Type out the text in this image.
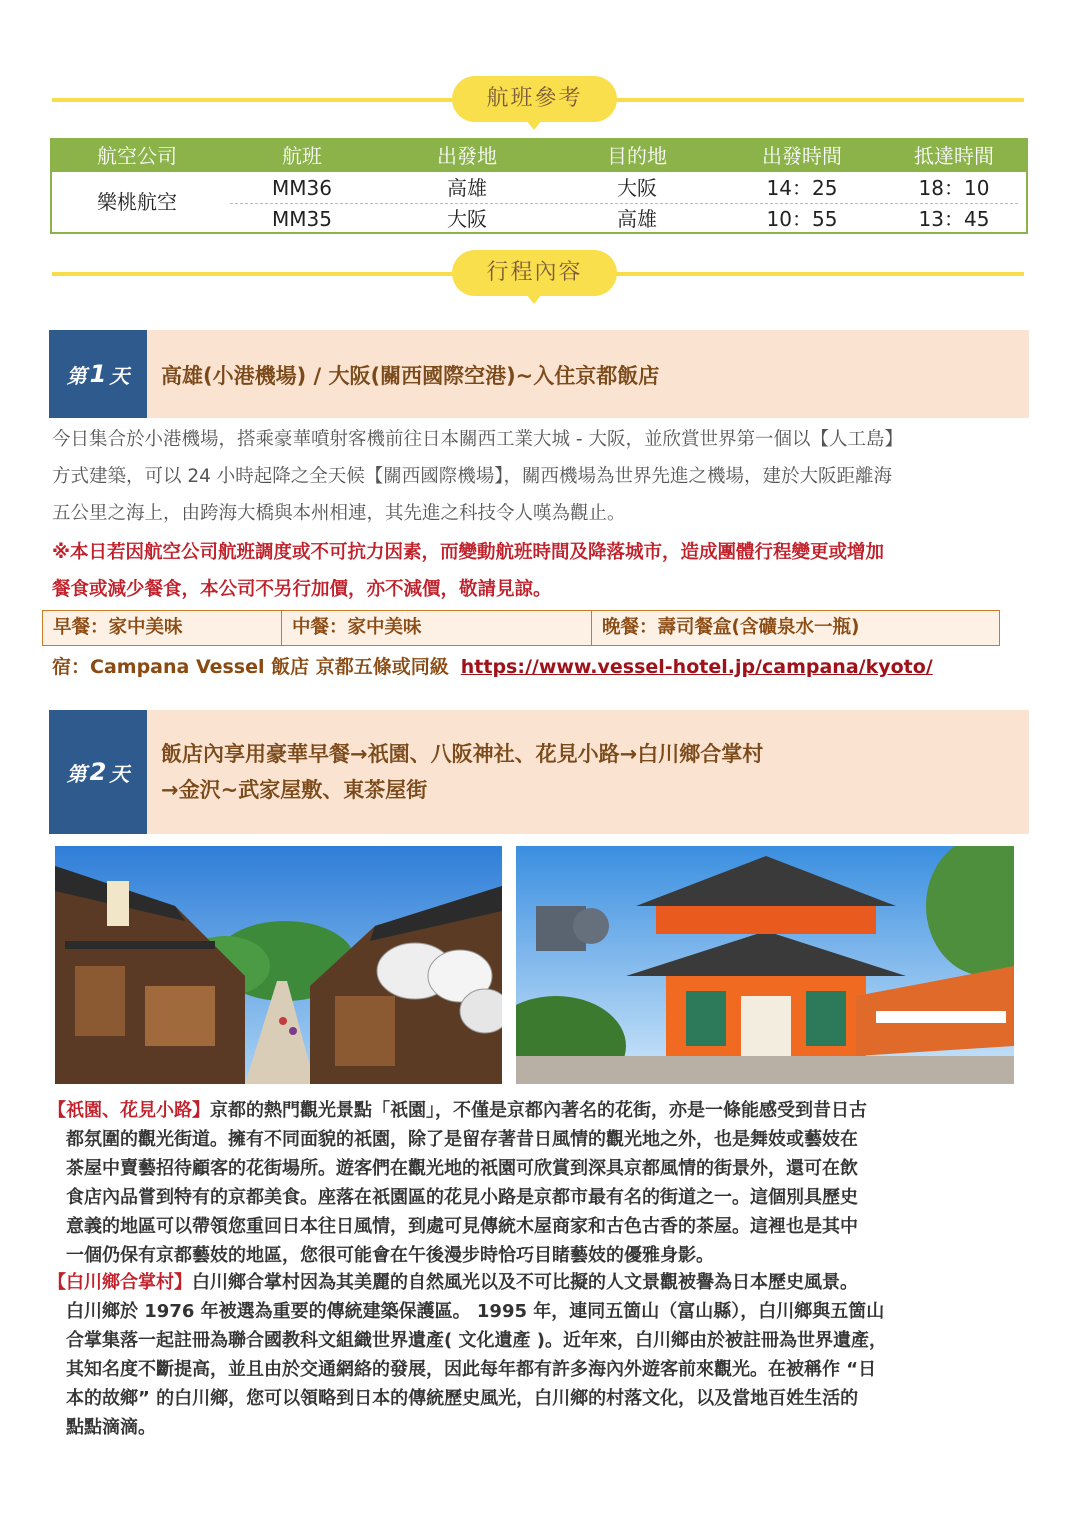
航班參考
航空公司	航班	出發地	目的地	出發時間	抵達時間
樂桃航空
MM36	高雄	大阪	14：25	18：10
MM35	大阪	高雄	10：55	13：45
行程內容
第 1 天 高雄(小港機場) / 大阪(關西國際空港)~入住京都飯店
今日集合於小港機場，搭乘豪華噴射客機前往日本關西工業大城 - 大阪，並欣賞世界第一個以【人工島】
方式建築，可以 24 小時起降之全天候【關西國際機場】，關西機場為世界先進之機場，建於大阪距離海
五公里之海上，由跨海大橋與本州相連，其先進之科技令人嘆為觀止。
※本日若因航空公司航班調度或不可抗力因素，而變動航班時間及降落城市，造成團體行程變更或增加
餐食或減少餐食，本公司不另行加價，亦不減價，敬請見諒。
早餐：家中美味	中餐：家中美味	晚餐：壽司餐盒(含礦泉水一瓶)
宿：Campana Vessel 飯店 京都五條或同級 https://www.vessel-hotel.jp/campana/kyoto/
第 2 天
飯店內享用豪華早餐→祇園、八阪神社、花見小路→白川鄉合掌村
→金沢~武家屋敷、東茶屋街
【祇園、花見小路】京都的熱門觀光景點「祇園」，不僅是京都內著名的花街，亦是一條能感受到昔日古
都氛圍的觀光街道。擁有不同面貌的祇園，除了是留存著昔日風情的觀光地之外，也是舞妓或藝妓在
茶屋中賣藝招待顧客的花街場所。遊客們在觀光地的祇園可欣賞到深具京都風情的街景外，還可在飲
食店內品嘗到特有的京都美食。座落在祇園區的花見小路是京都市最有名的街道之一。這個別具歷史
意義的地區可以帶領您重回日本往日風情，到處可見傳統木屋商家和古色古香的茶屋。這裡也是其中
一個仍保有京都藝妓的地區，您很可能會在午後漫步時恰巧目睹藝妓的優雅身影。
【白川鄉合掌村】白川鄉合掌村因為其美麗的自然風光以及不可比擬的人文景觀被譽為日本歷史風景。
白川鄉於 1976 年被選為重要的傳統建築保護區。 1995 年，連同五箇山（富山縣），白川鄉與五箇山
合掌集落一起註冊為聯合國教科文組織世界遺產( 文化遺產 )。近年來，白川鄉由於被註冊為世界遺產，
其知名度不斷提高，並且由於交通網絡的發展，因此每年都有許多海內外遊客前來觀光。在被稱作 “日
本的故鄉” 的白川鄉，您可以領略到日本的傳統歷史風光，白川鄉的村落文化，以及當地百姓生活的
點點滴滴。
